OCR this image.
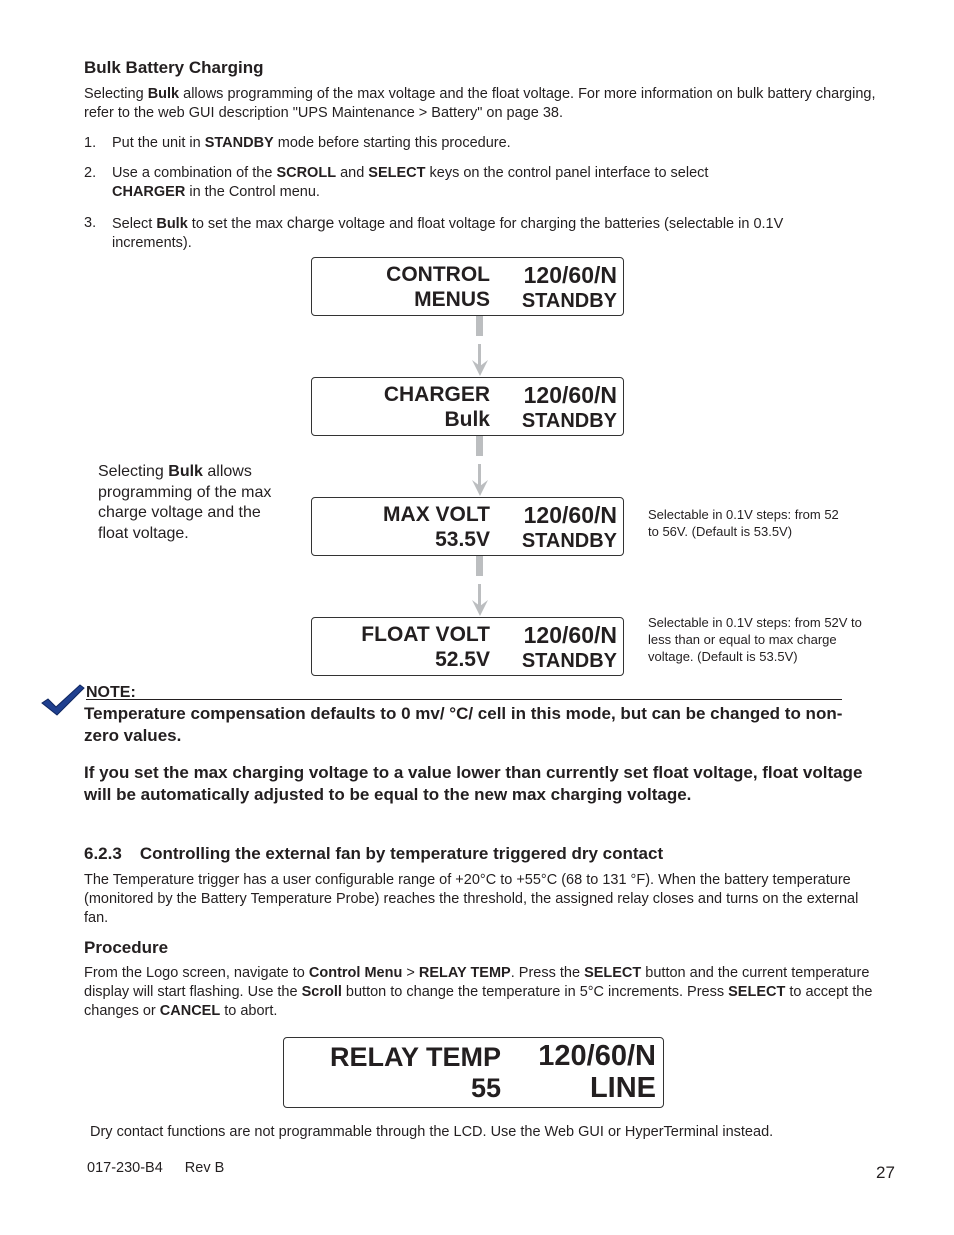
Bulk Battery Charging
Selecting Bulk allows programming of the max voltage and the float voltage. For more information on bulk battery charging, refer to the web GUI description "UPS Maintenance > Battery" on page 38.
1. Put the unit in STANDBY mode before starting this procedure.
2. Use a combination of the SCROLL and SELECT keys on the control panel interface to select CHARGER in the Control menu.
3. Select Bulk to set the max charge voltage and float voltage for charging the batteries (selectable in 0.1V increments).
CONTROL
MENUS
120/60/N
STANDBY
CHARGER
Bulk
120/60/N
STANDBY
MAX VOLT
53.5V
120/60/N
STANDBY
FLOAT VOLT
52.5V
120/60/N
STANDBY
Selecting Bulk allows programming of the max charge voltage and the float voltage.
Selectable in 0.1V steps: from 52 to 56V. (Default is 53.5V)
Selectable in 0.1V steps: from 52V to less than or equal to max charge voltage. (Default is 53.5V)
NOTE:
Temperature compensation defaults to 0 mv/ °C/ cell in this mode, but can be changed to non-zero values.
If you set the max charging voltage to a value lower than currently set float voltage, float voltage will be automatically adjusted to be equal to the new max charging voltage.
6.2.3 Controlling the external fan by temperature triggered dry contact
The Temperature trigger has a user configurable range of +20°C to +55°C (68 to 131 °F). When the battery temperature (monitored by the Battery Temperature Probe) reaches the threshold, the assigned relay closes and turns on the external fan.
Procedure
From the Logo screen, navigate to Control Menu > RELAY TEMP. Press the SELECT button and the current temperature display will start flashing. Use the Scroll button to change the temperature in 5°C increments. Press SELECT to accept the changes or CANCEL to abort.
RELAY TEMP
55
120/60/N
LINE
Dry contact functions are not programmable through the LCD. Use the Web GUI or HyperTerminal instead.
017-230-B4 Rev B	27
